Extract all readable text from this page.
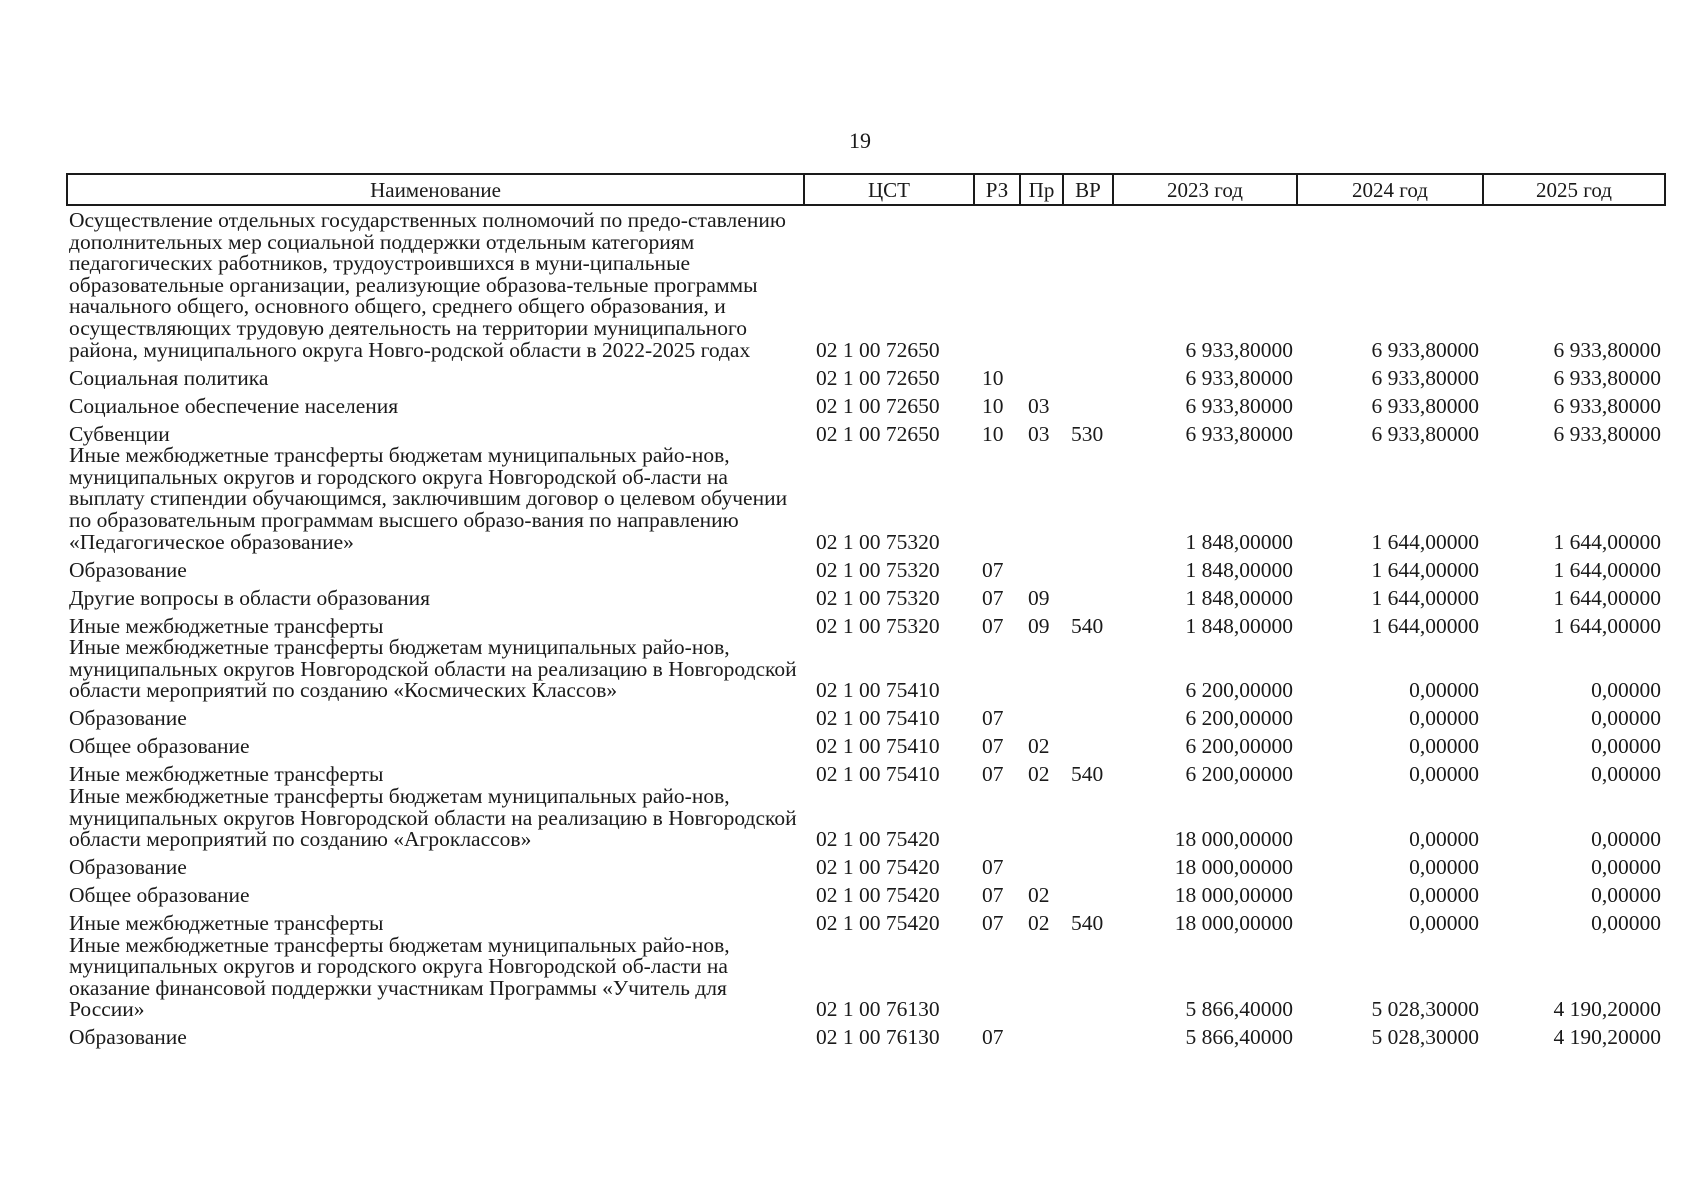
19
Наименование	ЦСТ	РЗ	Пр	ВР	2023 год	2024 год	2025 год
Осуществление отдельных государственных полномочий по предо-ставлению дополнительных мер социальной поддержки отдельным категориям педагогических работников, трудоустроившихся в муни-ципальные образовательные организации, реализующие образова-тельные программы начального общего, основного общего, среднего общего образования, и осуществляющих трудовую деятельность на территории муниципального района, муниципального округа Новго-родской области в 2022-2025 годах	02 1 00 72650				6 933,80000	6 933,80000	6 933,80000
Социальная политика	02 1 00 72650	10			6 933,80000	6 933,80000	6 933,80000
Социальное обеспечение населения	02 1 00 72650	10	03		6 933,80000	6 933,80000	6 933,80000
Субвенции	02 1 00 72650	10	03	530	6 933,80000	6 933,80000	6 933,80000
Иные межбюджетные трансферты бюджетам муниципальных райо-нов, муниципальных округов и городского округа Новгородской об-ласти на выплату стипендии обучающимся, заключившим договор о целевом обучении по образовательным программам высшего образо-вания по направлению «Педагогическое образование»	02 1 00 75320				1 848,00000	1 644,00000	1 644,00000
Образование	02 1 00 75320	07			1 848,00000	1 644,00000	1 644,00000
Другие вопросы в области образования	02 1 00 75320	07	09		1 848,00000	1 644,00000	1 644,00000
Иные межбюджетные трансферты	02 1 00 75320	07	09	540	1 848,00000	1 644,00000	1 644,00000
Иные межбюджетные трансферты бюджетам муниципальных райо-нов, муниципальных округов Новгородской области на реализацию в Новгородской области мероприятий по созданию «Космических Классов»	02 1 00 75410				6 200,00000	0,00000	0,00000
Образование	02 1 00 75410	07			6 200,00000	0,00000	0,00000
Общее образование	02 1 00 75410	07	02		6 200,00000	0,00000	0,00000
Иные межбюджетные трансферты	02 1 00 75410	07	02	540	6 200,00000	0,00000	0,00000
Иные межбюджетные трансферты бюджетам муниципальных райо-нов, муниципальных округов Новгородской области на реализацию в Новгородской области мероприятий по созданию «Агроклассов»	02 1 00 75420				18 000,00000	0,00000	0,00000
Образование	02 1 00 75420	07			18 000,00000	0,00000	0,00000
Общее образование	02 1 00 75420	07	02		18 000,00000	0,00000	0,00000
Иные межбюджетные трансферты	02 1 00 75420	07	02	540	18 000,00000	0,00000	0,00000
Иные межбюджетные трансферты бюджетам муниципальных райо-нов, муниципальных округов и городского округа Новгородской об-ласти на оказание финансовой поддержки участникам Программы «Учитель для России»	02 1 00 76130				5 866,40000	5 028,30000	4 190,20000
Образование	02 1 00 76130	07			5 866,40000	5 028,30000	4 190,20000
